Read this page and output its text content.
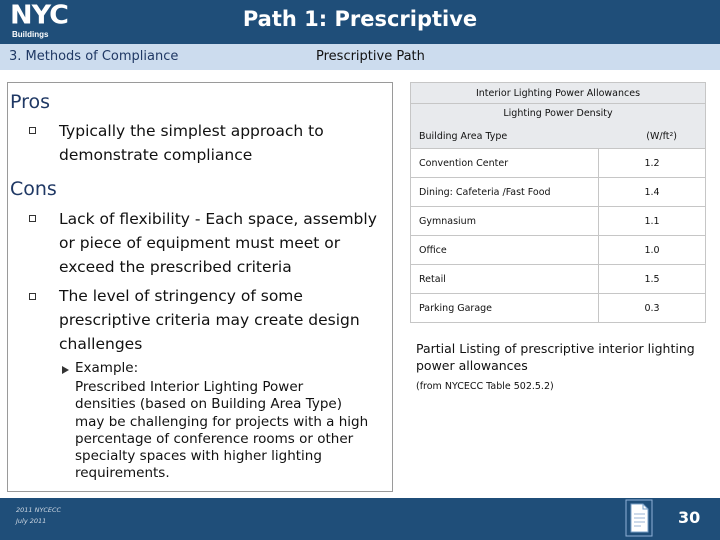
NYC
Buildings
Path 1: Prescriptive
3. Methods of Compliance	Prescriptive Path
Pros
Typically the simplest approach to
demonstrate compliance
Cons
Lack of flexibility - Each space, assembly
or piece of equipment must meet or
exceed the prescribed criteria
The level of stringency of some
prescriptive criteria may create design
challenges
Example:
Prescribed Interior Lighting Power
densities (based on Building Area Type)
may be challenging for projects with a high
percentage of conference rooms or other
specialty spaces with higher lighting
requirements.
Interior Lighting Power Allowances	

Lighting Power Density
Building Area Type (W/ft²)	

Convention Center	1.2
Dining: Cafeteria /Fast Food	1.4
Gymnasium	1.1
Office	1.0
Retail	1.5
Parking Garage	0.3
Partial Listing of prescriptive interior lighting
power allowances
(from NYCECC Table 502.5.2)
2011 NYCECC
July 2011	30
